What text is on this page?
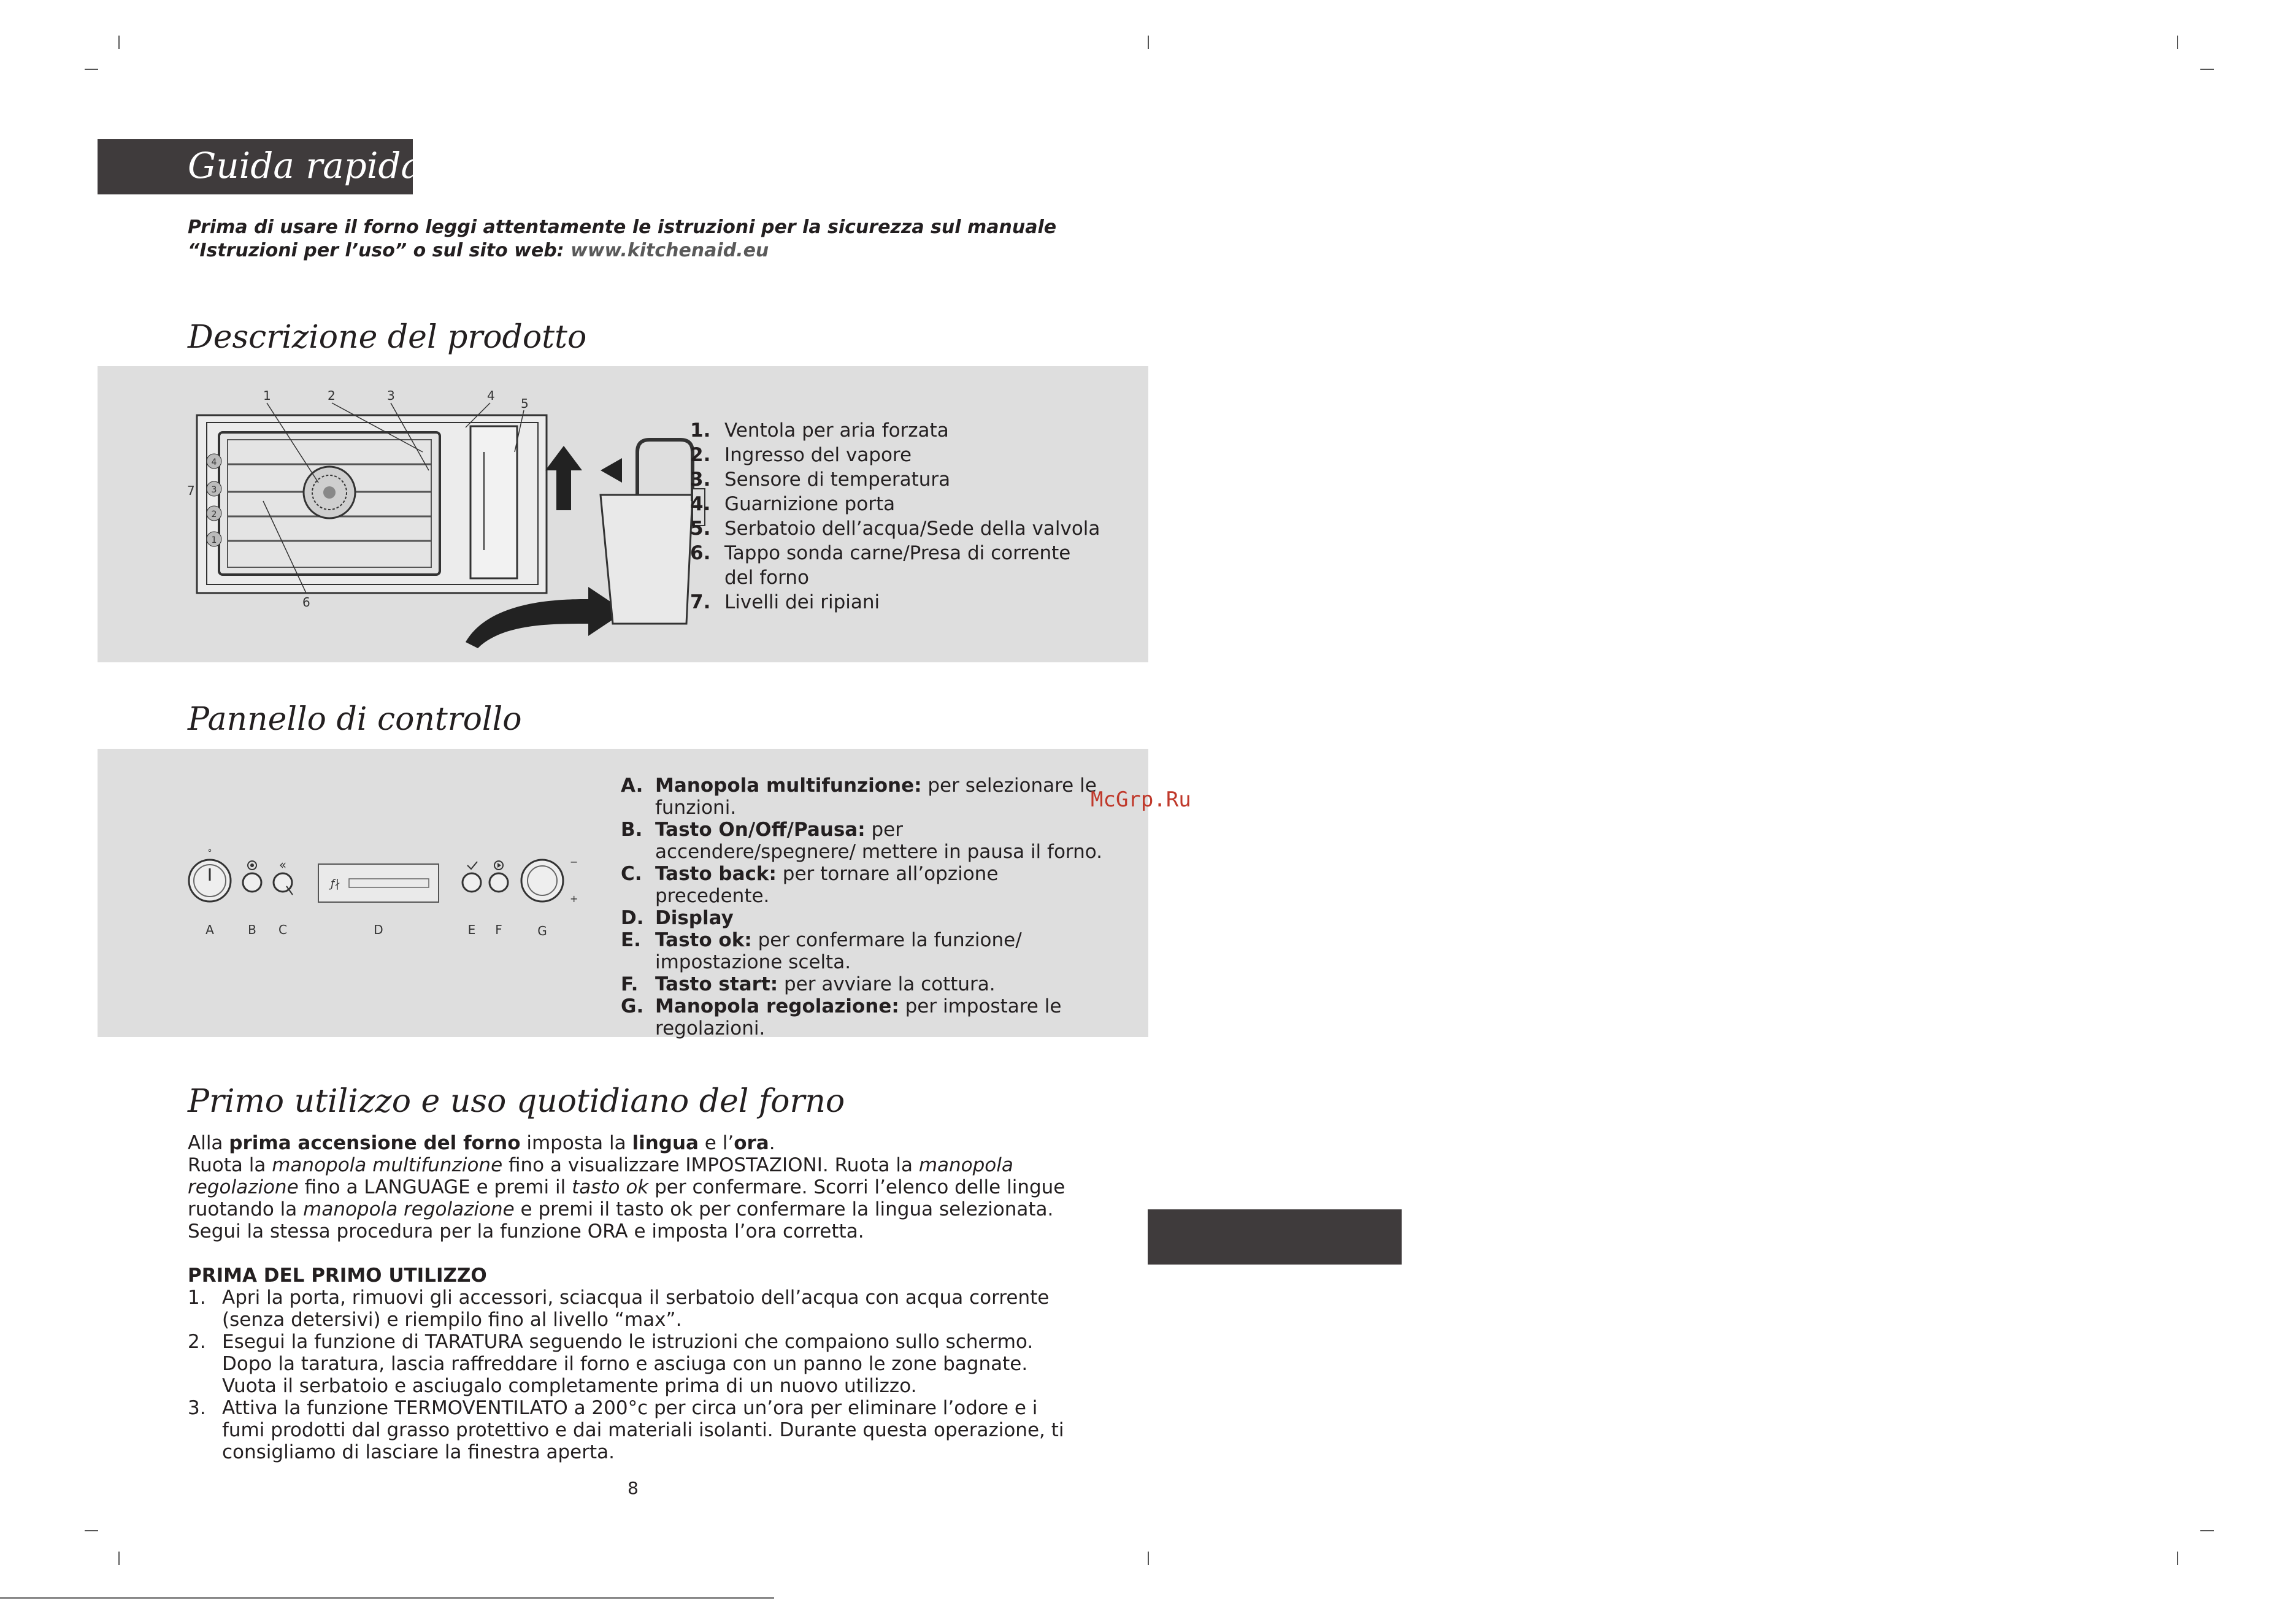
Guida rapida
Prima di usare il forno leggi attentamente le istruzioni per la sicurezza sul manuale “Istruzioni per l’uso” o sul sito web: www.kitchenaid.eu
Descrizione del prodotto
4
3
2
1
1	2	3	4
5
6
7
1. Ventola per aria forzata
2. Ingresso del vapore
3. Sensore di temperatura
4. Guarnizione porta
5. Serbatoio dell’acqua/Sede della valvola
6. Tappo sonda carne/Presa di corrente
del forno
7. Livelli dei ripiani
Pannello di controllo
°
«
ƒ∤
−
+
A	B C	D	E F	G
A. Manopola multifunzione: per selezionare le funzioni.
B. Tasto On/Off/Pausa: per accendere/spegnere/ mettere in pausa il forno.
C. Tasto back: per tornare all’opzione precedente.
D. Display
E. Tasto ok: per confermare la funzione/ impostazione scelta.
F. Tasto start: per avviare la cottura.
G. Manopola regolazione: per impostare le regolazioni.
McGrp.Ru
Primo utilizzo e uso quotidiano del forno
Alla prima accensione del forno imposta la lingua e l’ora.
Ruota la manopola multifunzione fino a visualizzare IMPOSTAZIONI. Ruota la manopola regolazione fino a LANGUAGE e premi il tasto ok per confermare. Scorri l’elenco delle lingue ruotando la manopola regolazione e premi il tasto ok per confermare la lingua selezionata.
Segui la stessa procedura per la funzione ORA e imposta l’ora corretta.
PRIMA DEL PRIMO UTILIZZO
1. Apri la porta, rimuovi gli accessori, sciacqua il serbatoio dell’acqua con acqua corrente (senza detersivi) e riempilo fino al livello “max”.
2. Esegui la funzione di TARATURA seguendo le istruzioni che compaiono sullo schermo. Dopo la taratura, lascia raffreddare il forno e asciuga con un panno le zone bagnate. Vuota il serbatoio e asciugalo completamente prima di un nuovo utilizzo.
3. Attiva la funzione TERMOVENTILATO a 200°c per circa un’ora per eliminare l’odore e i fumi prodotti dal grasso protettivo e dai materiali isolanti. Durante questa operazione, ti consigliamo di lasciare la finestra aperta.
8
